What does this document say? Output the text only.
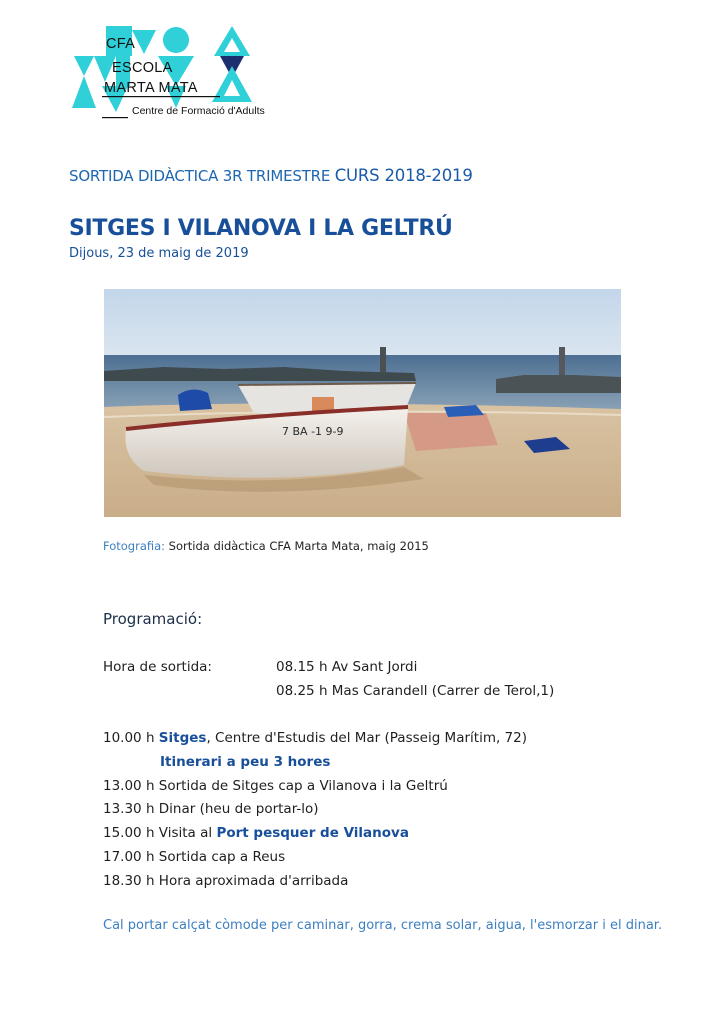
CFA
ESCOLA
MARTA MATA
Centre de Formació d'Adults
SORTIDA DIDÀCTICA 3R TRIMESTRE CURS 2018-2019
SITGES I VILANOVA I LA GELTRÚ
Dijous, 23 de maig de 2019
7 BA -1 9-9
Fotografia: Sortida didàctica CFA Marta Mata, maig 2015
Programació:
Hora de sortida:	08.15 h Av Sant Jordi
08.25 h Mas Carandell (Carrer de Terol,1)
10.00 h Sitges, Centre d'Estudis del Mar (Passeig Marítim, 72)
Itinerari a peu 3 hores
13.00 h Sortida de Sitges cap a Vilanova i la Geltrú
13.30 h Dinar (heu de portar-lo)
15.00 h Visita al Port pesquer de Vilanova
17.00 h Sortida cap a Reus
18.30 h Hora aproximada d'arribada
Cal portar calçat còmode per caminar, gorra, crema solar, aigua, l'esmorzar i el dinar.
